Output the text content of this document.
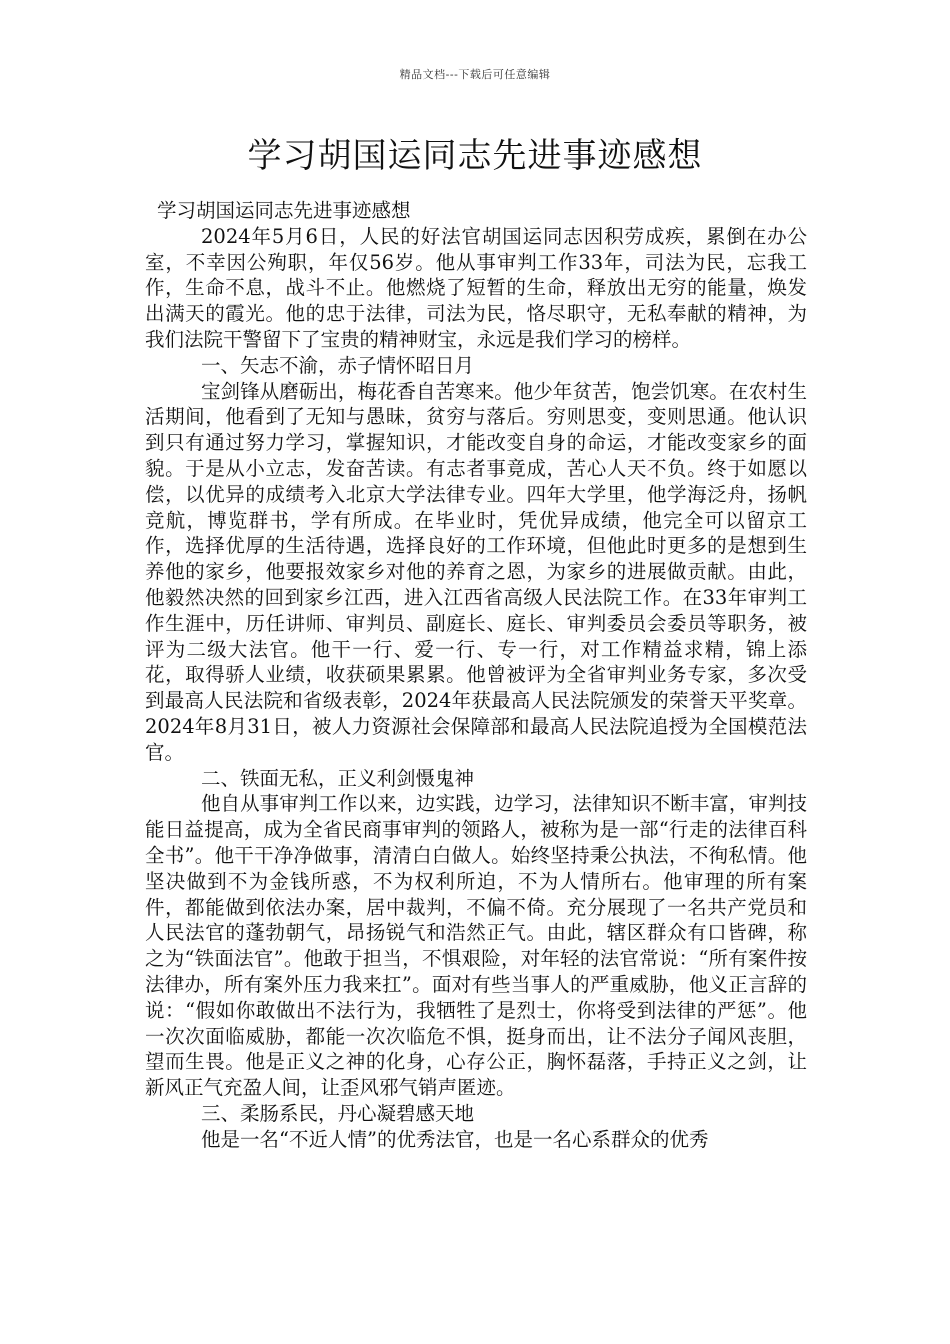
精品文档---下载后可任意编辑
学习胡国运同志先进事迹感想

学习胡国运同志先进事迹感想

2024年5月6日，人民的好法官胡国运同志因积劳成疾，累倒在办公室，不幸因公殉职，年仅56岁。他从事审判工作33年，司法为民，忘我工作，生命不息，战斗不止。他燃烧了短暂的生命，释放出无穷的能量，焕发出满天的霞光。他的忠于法律，司法为民，恪尽职守，无私奉献的精神，为我们法院干警留下了宝贵的精神财宝，永远是我们学习的榜样。

一、矢志不渝，赤子情怀昭日月

宝剑锋从磨砺出，梅花香自苦寒来。他少年贫苦，饱尝饥寒。在农村生活期间，他看到了无知与愚昧，贫穷与落后。穷则思变，变则思通。他认识到只有通过努力学习，掌握知识，才能改变自身的命运，才能改变家乡的面貌。于是从小立志，发奋苦读。有志者事竟成，苦心人天不负。终于如愿以偿，以优异的成绩考入北京大学法律专业。四年大学里，他学海泛舟，扬帆竞航，博览群书，学有所成。在毕业时，凭优异成绩，他完全可以留京工作，选择优厚的生活待遇，选择良好的工作环境，但他此时更多的是想到生养他的家乡，他要报效家乡对他的养育之恩，为家乡的进展做贡献。由此，他毅然决然的回到家乡江西，进入江西省高级人民法院工作。在33年审判工作生涯中，历任讲师、审判员、副庭长、庭长、审判委员会委员等职务，被评为二级大法官。他干一行、爱一行、专一行，对工作精益求精，锦上添花，取得骄人业绩，收获硕果累累。他曾被评为全省审判业务专家，多次受到最高人民法院和省级表彰，2024年获最高人民法院颁发的荣誉天平奖章。2024年8月31日，被人力资源社会保障部和最高人民法院追授为全国模范法官。

二、铁面无私，正义利剑慑鬼神

他自从事审判工作以来，边实践，边学习，法律知识不断丰富，审判技能日益提高，成为全省民商事审判的领路人，被称为是一部“行走的法律百科全书”。他干干净净做事，清清白白做人。始终坚持秉公执法，不徇私情。他坚决做到不为金钱所惑，不为权利所迫，不为人情所右。他审理的所有案件，都能做到依法办案，居中裁判，不偏不倚。充分展现了一名共产党员和人民法官的蓬勃朝气，昂扬锐气和浩然正气。由此，辖区群众有口皆碑，称之为“铁面法官”。他敢于担当，不惧艰险，对年轻的法官常说：“所有案件按法律办，所有案外压力我来扛”。面对有些当事人的严重威胁，他义正言辞的说：“假如你敢做出不法行为，我牺牲了是烈士，你将受到法律的严惩”。他一次次面临威胁，都能一次次临危不惧，挺身而出，让不法分子闻风丧胆，望而生畏。他是正义之神的化身，心存公正，胸怀磊落，手持正义之剑，让新风正气充盈人间，让歪风邪气销声匿迹。

三、柔肠系民，丹心凝碧感天地

他是一名“不近人情”的优秀法官，也是一名心系群众的优秀
